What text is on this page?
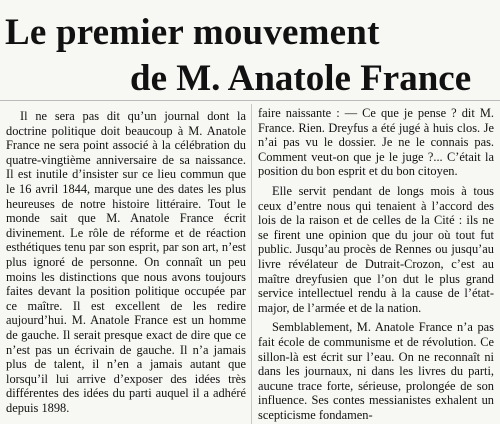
Le premier mouvement
de M. Anatole France

Il ne sera pas dit qu’un journal dont la doctrine politique doit beaucoup à M. Anatole France ne sera point associé à la célébration du quatre-vingtième anniversaire de sa naissance. Il est inutile d’insister sur ce lieu commun que le 16 avril 1844, marque une des dates les plus heureuses de notre histoire littéraire. Tout le monde sait que M. Anatole France écrit divinement. Le rôle de réforme et de réaction esthétiques tenu par son esprit, par son art, n’est plus ignoré de personne. On connaît un peu moins les distinctions que nous avons toujours faites devant la position politique occupée par ce maître. Il est excellent de les redire aujourd’hui. M. Anatole France est un homme de gauche. Il serait presque exact de dire que ce n’est pas un écrivain de gauche. Il n’a jamais plus de talent, il n’en a jamais autant que lorsqu’il lui arrive d’exposer des idées très différentes des idées du parti auquel il a adhéré depuis 1898.

faire naissante : — Ce que je pense ? dit M. France. Rien. Dreyfus a été jugé à huis clos. Je n’ai pas vu le dossier. Je ne le connais pas. Comment veut-on que je le juge ?... C’était la position du bon esprit et du bon citoyen.

Elle servit pendant de longs mois à tous ceux d’entre nous qui tenaient à l’accord des lois de la raison et de celles de la Cité : ils ne se firent une opinion que du jour où tout fut public. Jusqu’au procès de Rennes ou jusqu’au livre révélateur de Dutrait-Crozon, c’est au maître dreyfusien que l’on dut le plus grand service intellectuel rendu à la cause de l’état-major, de l’armée et de la nation.

Semblablement, M. Anatole France n’a pas fait école de communisme et de révolution. Ce sillon-là est écrit sur l’eau. On ne reconnaît ni dans les journaux, ni dans les livres du parti, aucune trace forte, sérieuse, prolongée de son influence. Ses contes messianistes exhalent un scepticisme fondamen-
